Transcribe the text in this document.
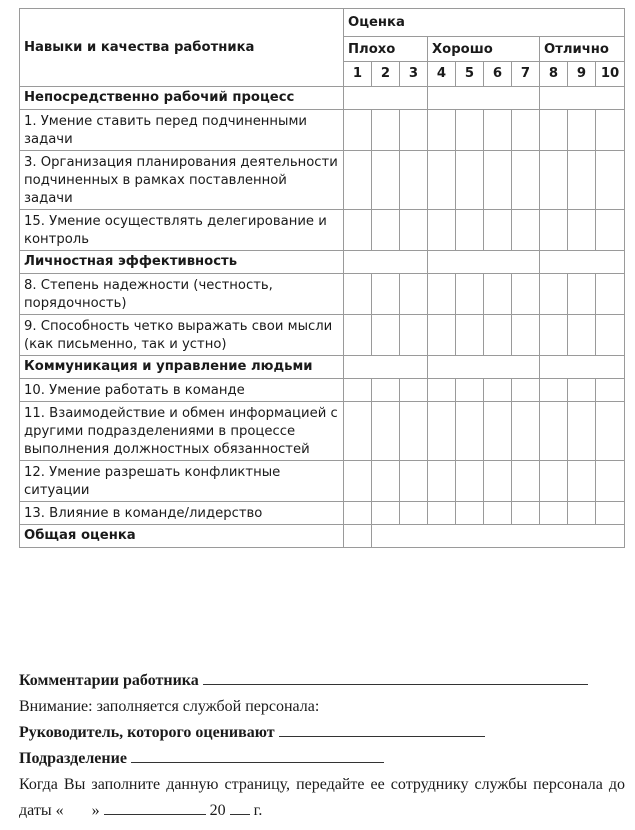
Навыки и качества работника	Оценка									
	Плохо			Хорошо				Отлично		
	1	2	3	4	5	6	7	8	9	10
Непосредственно рабочий процесс										
1. Умение ставить перед подчиненными задачи										
3. Организация планирования деятельности подчиненных в рамках поставленной задачи										
15. Умение осуществлять делегирование и контроль										
Личностная эффективность										
8. Степень надежности (честность, порядочность)										
9. Способность четко выражать свои мысли (как письменно, так и устно)										
Коммуникация и управление людьми										
10. Умение работать в команде										
11. Взаимодействие и обмен информацией с другими подразделениями в процессе выполнения должностных обязанностей										
12. Умение разрешать конфликтные ситуации										
13. Влияние в команде/лидерство										
Общая оценка										
Комментарии работника
Внимание: заполняется службой персонала:
Руководитель, которого оценивают
Подразделение
Когда Вы заполните данную страницу, передайте ее сотруднику службы персонала до даты « »	20 г.
